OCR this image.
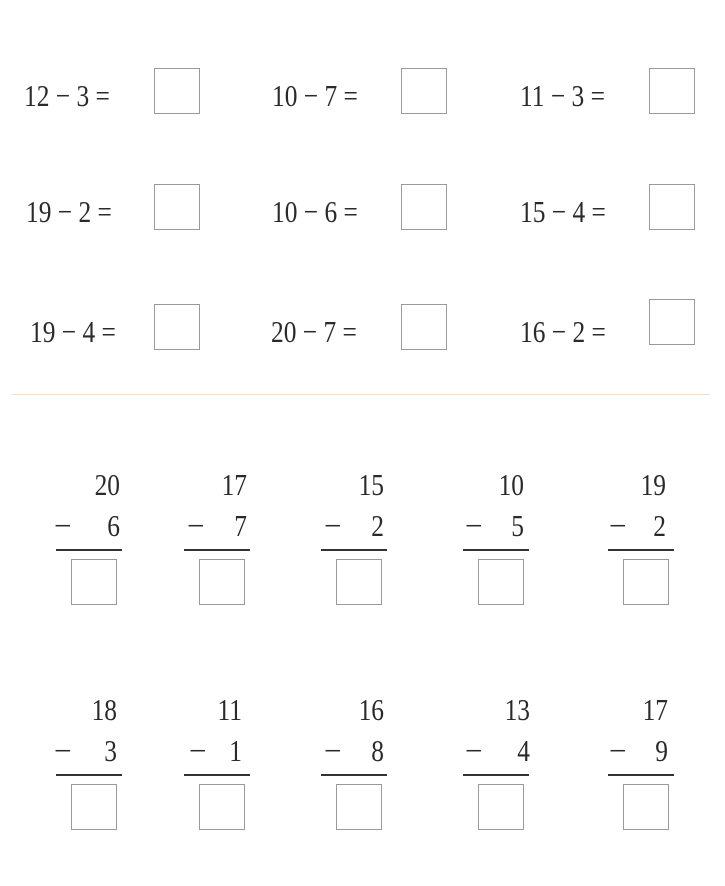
12 − 3 =	10 − 7 =	11 − 3 =
19 − 2 =	10 − 6 =	15 − 4 =
19 − 4 =	20 − 7 =	16 − 2 =
20
−	6
17
− 7
15
− 2
10
− 5
19
− 2
18
−	3
11
− 1
16
− 8
13
−	4
17
− 9
